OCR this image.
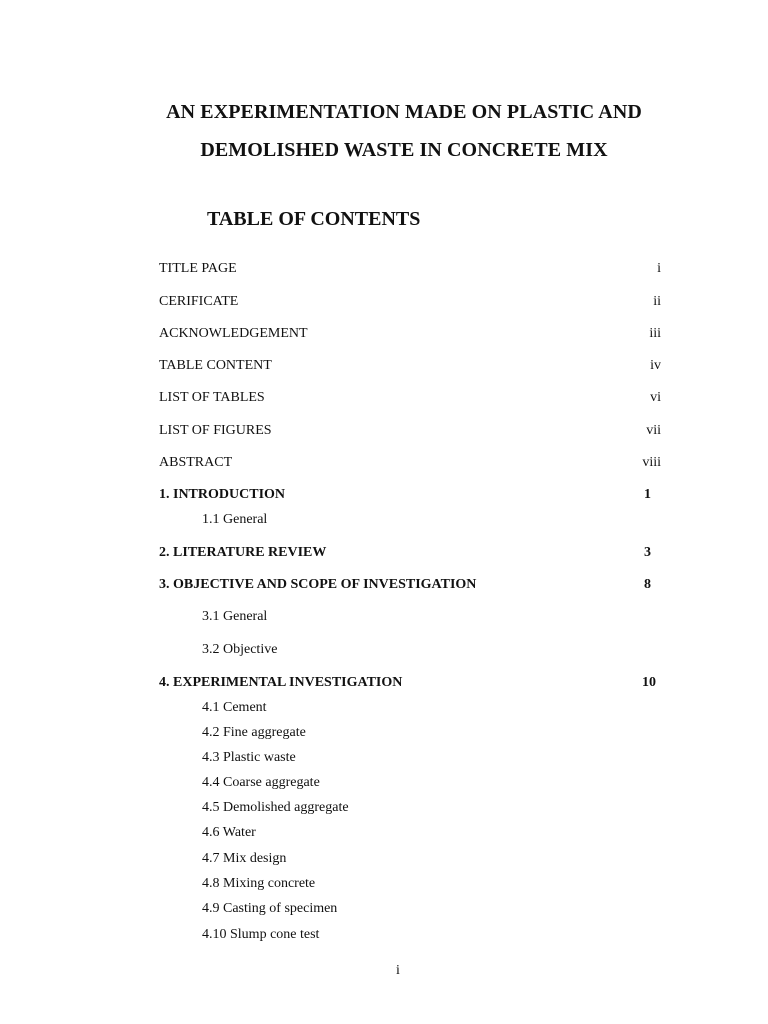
AN EXPERIMENTATION MADE ON PLASTIC AND
DEMOLISHED WASTE IN CONCRETE MIX
TABLE OF CONTENTS
TITLE PAGE	i
CERIFICATE	ii
ACKNOWLEDGEMENT	iii
TABLE CONTENT	iv
LIST OF TABLES	vi
LIST OF FIGURES	vii
ABSTRACT	viii
1. INTRODUCTION	1
1.1 General
2. LITERATURE REVIEW	3
3. OBJECTIVE AND SCOPE OF INVESTIGATION	8
3.1 General
3.2 Objective
4. EXPERIMENTAL INVESTIGATION	10
4.1 Cement
4.2 Fine aggregate
4.3 Plastic waste
4.4 Coarse aggregate
4.5 Demolished aggregate
4.6 Water
4.7 Mix design
4.8 Mixing concrete
4.9 Casting of specimen
4.10 Slump cone test
i
